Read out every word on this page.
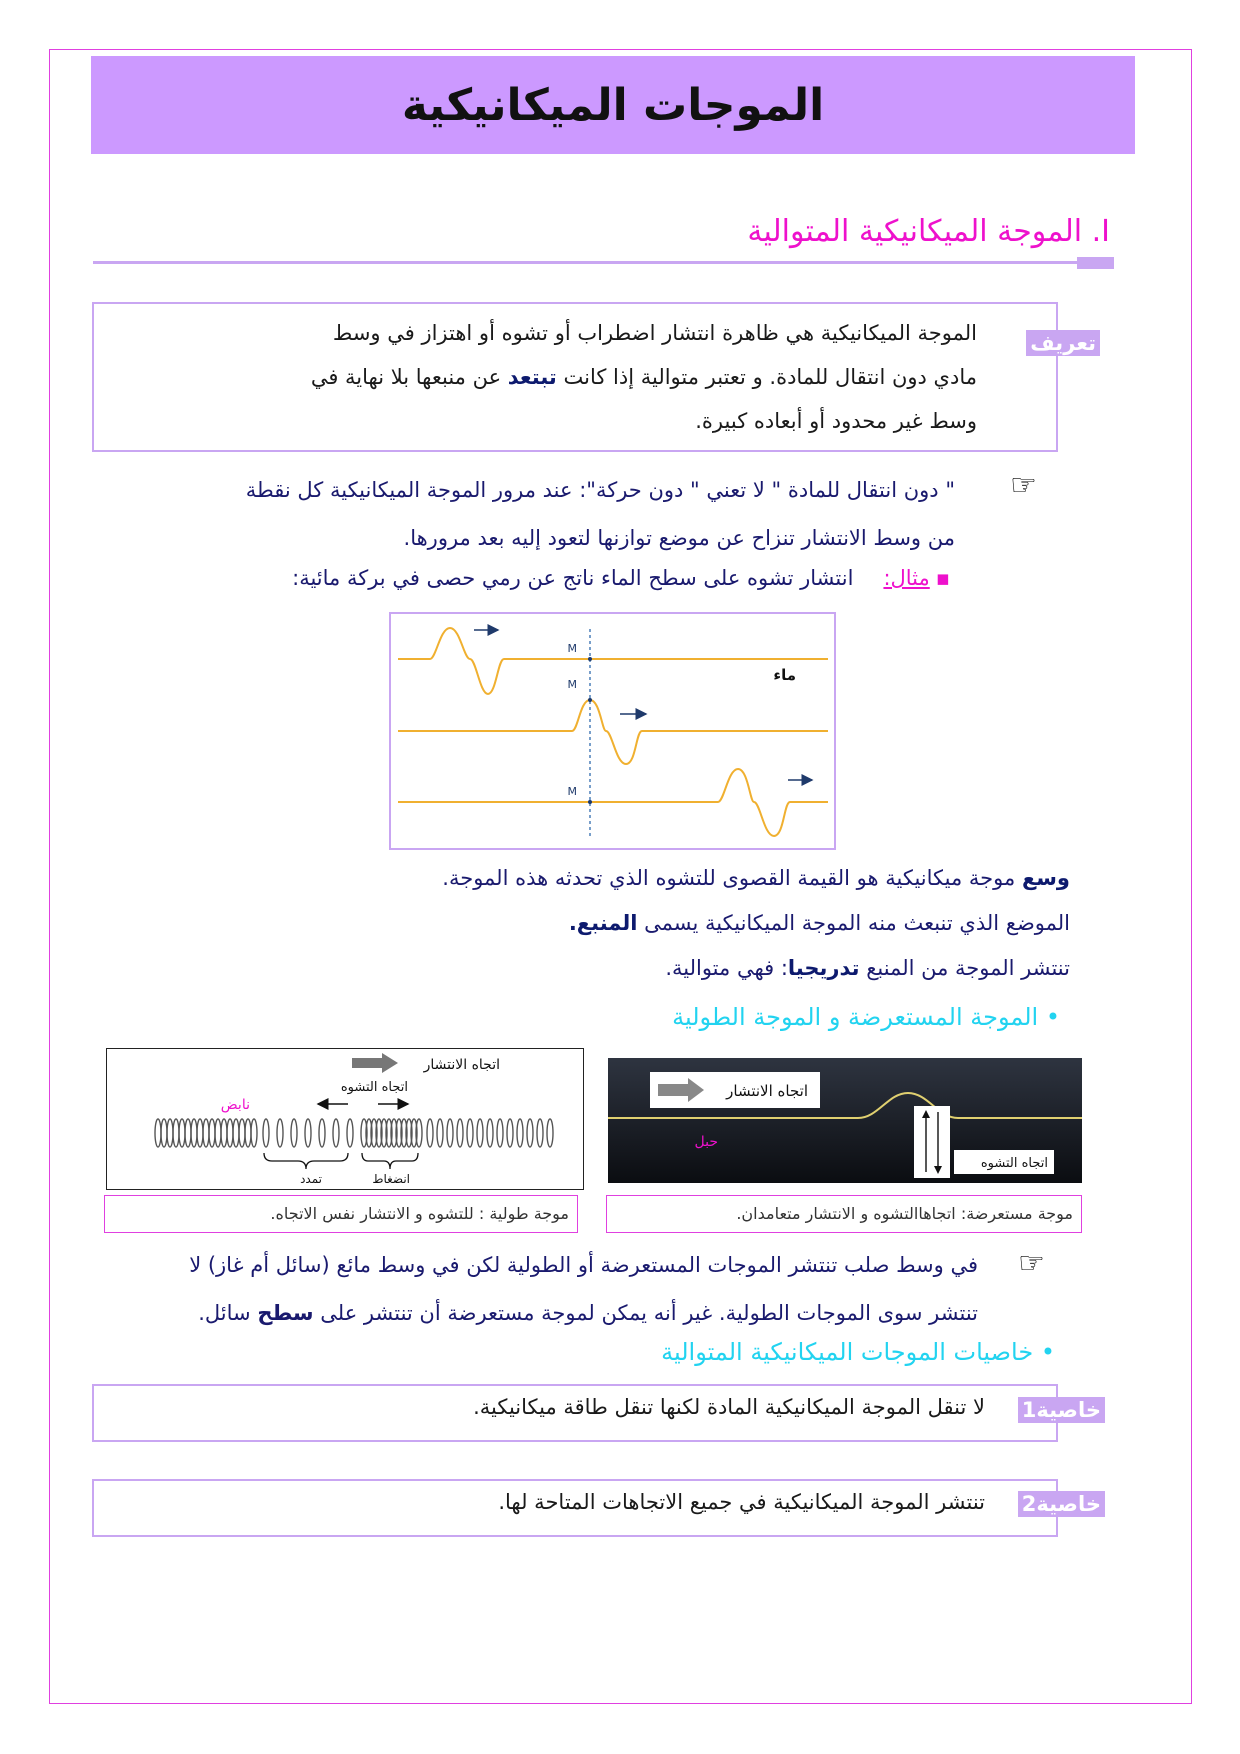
الموجات الميكانيكية
I. الموجة الميكانيكية المتوالية
تعريف
الموجة الميكانيكية هي ظاهرة انتشار اضطراب أو تشوه أو اهتزاز في وسط
مادي دون انتقال للمادة. و تعتبر متوالية إذا كانت تبتعد عن منبعها بلا نهاية في
وسط غير محدود أو أبعاده كبيرة.
☞
" دون انتقال للمادة " لا تعني " دون حركة": عند مرور الموجة الميكانيكية كل نقطة
من وسط الانتشار تنزاح عن موضع توازنها لتعود إليه بعد مرورها.
▪مثال:انتشار تشوه على سطح الماء ناتج عن رمي حصى في بركة مائية:
M
M
M
ماء
وسع موجة ميكانيكية هو القيمة القصوى للتشوه الذي تحدثه هذه الموجة.
الموضع الذي تنبعث منه الموجة الميكانيكية يسمى المنبع.
تنتشر الموجة من المنبع تدريجيا: فهي متوالية.
• الموجة المستعرضة و الموجة الطولية
اتجاه الانتشار
اتجاه التشوه
نابض
تمدد	انضغاط
اتجاه الانتشار
حبل
اتجاه التشوه
موجة طولية : للتشوه و الانتشار نفس الاتجاه.	موجة مستعرضة: اتجاهاالتشوه و الانتشار متعامدان.
☞
في وسط صلب تنتشر الموجات المستعرضة أو الطولية لكن في وسط مائع (سائل أم غاز) لا
تنتشر سوى الموجات الطولية. غير أنه يمكن لموجة مستعرضة أن تنتشر على سطح سائل.
• خاصيات الموجات الميكانيكية المتوالية
خاصية1
لا تنقل الموجة الميكانيكية المادة لكنها تنقل طاقة ميكانيكية.
خاصية2
تنتشر الموجة الميكانيكية في جميع الاتجاهات المتاحة لها.
